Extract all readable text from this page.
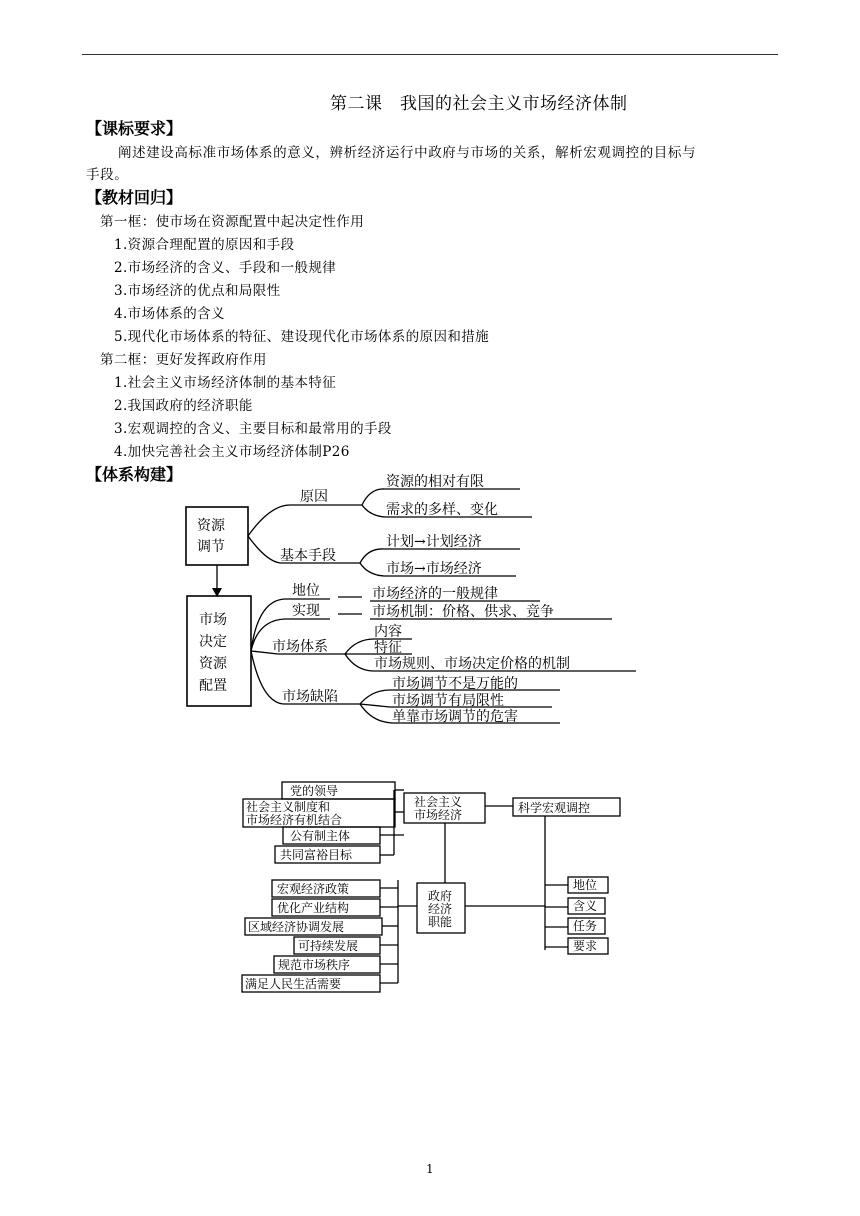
第二课　我国的社会主义市场经济体制
【课标要求】
阐述建设高标准市场体系的意义，辨析经济运行中政府与市场的关系，解析宏观调控的目标与
手段。
【教材回归】
第一框：使市场在资源配置中起决定性作用
1.资源合理配置的原因和手段
2.市场经济的含义、手段和一般规律
3.市场经济的优点和局限性
4.市场体系的含义
5.现代化市场体系的特征、建设现代化市场体系的原因和措施
第二框：更好发挥政府作用
1.社会主义市场经济体制的基本特征
2.我国政府的经济职能
3.宏观调控的含义、主要目标和最常用的手段
4.加快完善社会主义市场经济体制P26
【体系构建】
资源
调节
市场
决定
资源
配置
原因
资源的相对有限
需求的多样、变化
基本手段
计划→计划经济
市场→市场经济
地位	市场经济的一般规律
实现	市场机制：价格、供求、竞争
市场体系
内容
特征
市场规则、市场决定价格的机制
市场缺陷
市场调节不是万能的
市场调节有局限性
单靠市场调节的危害
党的领导
社会主义制度和
市场经济有机结合
公有制主体
共同富裕目标
社会主义
市场经济	科学宏观调控
地位
含义
任务
要求
政府
经济
职能
宏观经济政策
优化产业结构
区域经济协调发展
可持续发展
规范市场秩序
满足人民生活需要
1
